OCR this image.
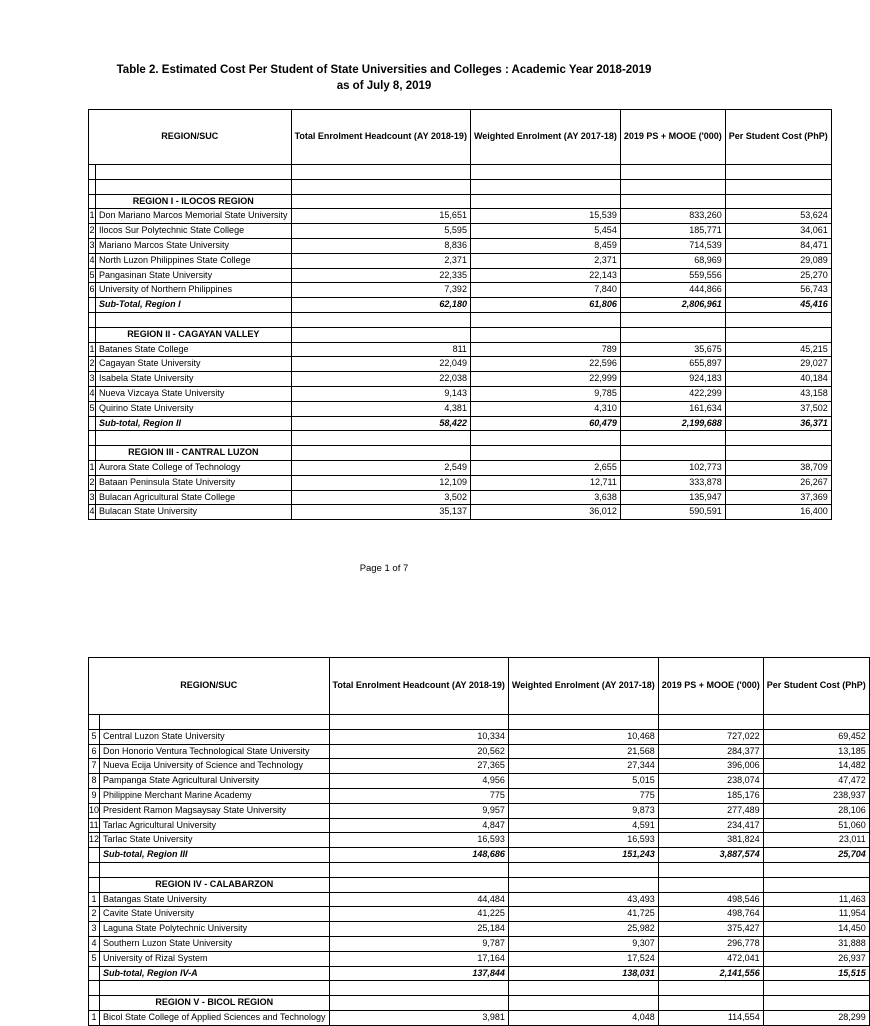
Table 2. Estimated Cost Per Student of State Universities and Colleges : Academic Year 2018-2019
as of July 8, 2019
REGION/SUC		Total Enrolment Headcount (AY 2018-19)	Weighted Enrolment (AY 2017-18)	2019 PS + MOOE ('000)	Per Student Cost (PhP)

	REGION I - ILOCOS REGION				
1	Don Mariano Marcos Memorial State University	15,651	15,539	833,260	53,624
2	Ilocos Sur Polytechnic State College	5,595	5,454	185,771	34,061
3	Mariano Marcos State University	8,836	8,459	714,539	84,471
4	North Luzon Philippines State College	2,371	2,371	68,969	29,089
5	Pangasinan State University	22,335	22,143	559,556	25,270
6	University of Northern Philippines	7,392	7,840	444,866	56,743
	Sub-Total, Region I	62,180	61,806	2,806,961	45,416

	REGION II - CAGAYAN VALLEY				
1	Batanes State College	811	789	35,675	45,215
2	Cagayan State University	22,049	22,596	655,897	29,027
3	Isabela State University	22,038	22,999	924,183	40,184
4	Nueva Vizcaya State University	9,143	9,785	422,299	43,158
5	Quirino State University	4,381	4,310	161,634	37,502
	Sub-total, Region II	58,422	60,479	2,199,688	36,371

	REGION III - CANTRAL LUZON				
1	Aurora State College of Technology	2,549	2,655	102,773	38,709
2	Bataan Peninsula State University	12,109	12,711	333,878	26,267
3	Bulacan Agricultural State College	3,502	3,638	135,947	37,369
4	Bulacan State University	35,137	36,012	590,591	16,400
Page 1 of 7
REGION/SUC		Total Enrolment Headcount (AY 2018-19)	Weighted Enrolment (AY 2017-18)	2019 PS + MOOE ('000)	Per Student Cost (PhP)

5	Central Luzon State University	10,334	10,468	727,022	69,452
6	Don Honorio Ventura Technological State University	20,562	21,568	284,377	13,185
7	Nueva Ecija University of Science and Technology	27,365	27,344	396,006	14,482
8	Pampanga State Agricultural University	4,956	5,015	238,074	47,472
9	Philippine Merchant Marine Academy	775	775	185,176	238,937
10	President Ramon Magsaysay State University	9,957	9,873	277,489	28,106
11	Tarlac Agricultural University	4,847	4,591	234,417	51,060
12	Tarlac State University	16,593	16,593	381,824	23,011
	Sub-total, Region III	148,686	151,243	3,887,574	25,704

	REGION IV - CALABARZON				
1	Batangas State University	44,484	43,493	498,546	11,463
2	Cavite State University	41,225	41,725	498,764	11,954
3	Laguna State Polytechnic University	25,184	25,982	375,427	14,450
4	Southern Luzon State University	9,787	9,307	296,778	31,888
5	University of Rizal System	17,164	17,524	472,041	26,937
	Sub-total, Region IV-A	137,844	138,031	2,141,556	15,515

	REGION V - BICOL REGION				
1	Bicol State College of Applied Sciences and Technology	3,981	4,048	114,554	28,299
